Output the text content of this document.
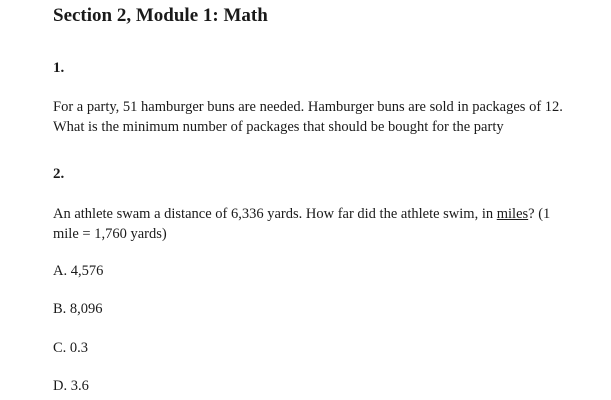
Section 2, Module 1: Math
1.

For a party, 51 hamburger buns are needed. Hamburger buns are sold in packages of 12. What is the minimum number of packages that should be bought for the party

2.

An athlete swam a distance of 6,336 yards. How far did the athlete swim, in miles? (1 mile = 1,760 yards)

A. 4,576
B. 8,096
C. 0.3
D. 3.6
